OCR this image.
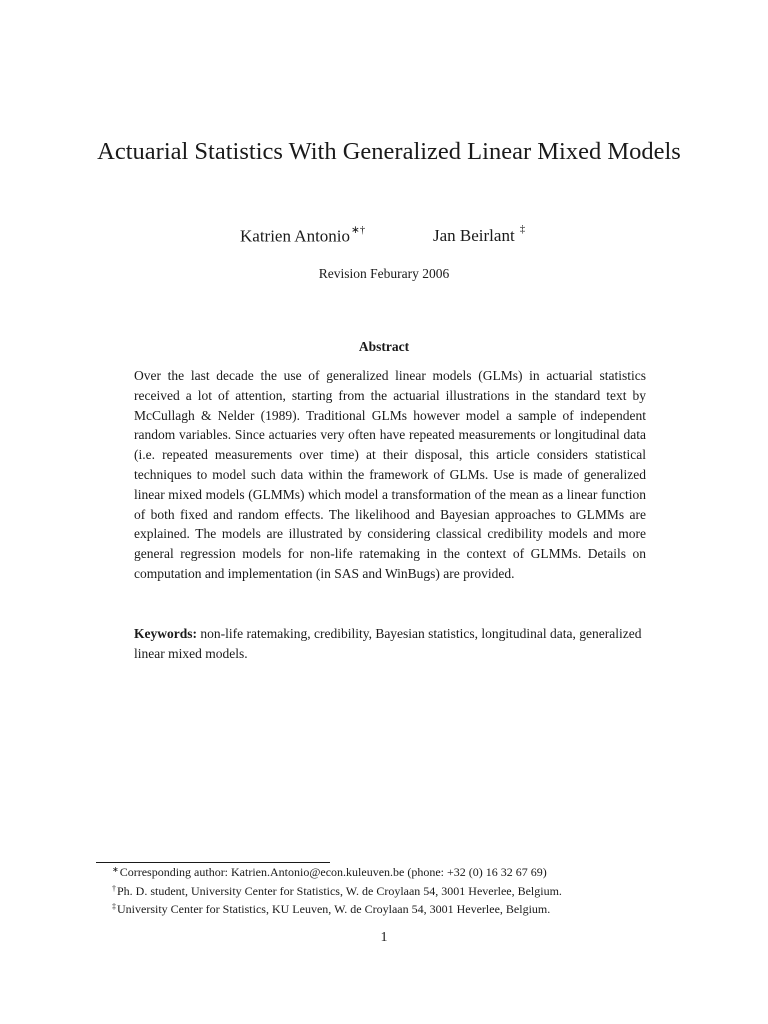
Actuarial Statistics With Generalized Linear Mixed Models
Katrien Antonio∗†	Jan Beirlant ‡
Revision Feburary 2006
Abstract

Over the last decade the use of generalized linear models (GLMs) in actuarial statistics received a lot of attention, starting from the actuarial illustrations in the standard text by McCullagh & Nelder (1989). Traditional GLMs however model a sample of independent random variables. Since actuaries very often have repeated measurements or longitudinal data (i.e. repeated measurements over time) at their disposal, this article considers statistical techniques to model such data within the framework of GLMs. Use is made of generalized linear mixed models (GLMMs) which model a transformation of the mean as a linear function of both fixed and random effects. The likelihood and Bayesian approaches to GLMMs are explained. The models are illustrated by considering classical credibility models and more general regression models for non-life ratemaking in the context of GLMMs. Details on computation and implementation (in SAS and WinBugs) are provided.

Keywords: non-life ratemaking, credibility, Bayesian statistics, longitudinal data, generalized linear mixed models.

∗Corresponding author: Katrien.Antonio@econ.kuleuven.be (phone: +32 (0) 16 32 67 69)
†Ph. D. student, University Center for Statistics, W. de Croylaan 54, 3001 Heverlee, Belgium.
‡University Center for Statistics, KU Leuven, W. de Croylaan 54, 3001 Heverlee, Belgium.
1
